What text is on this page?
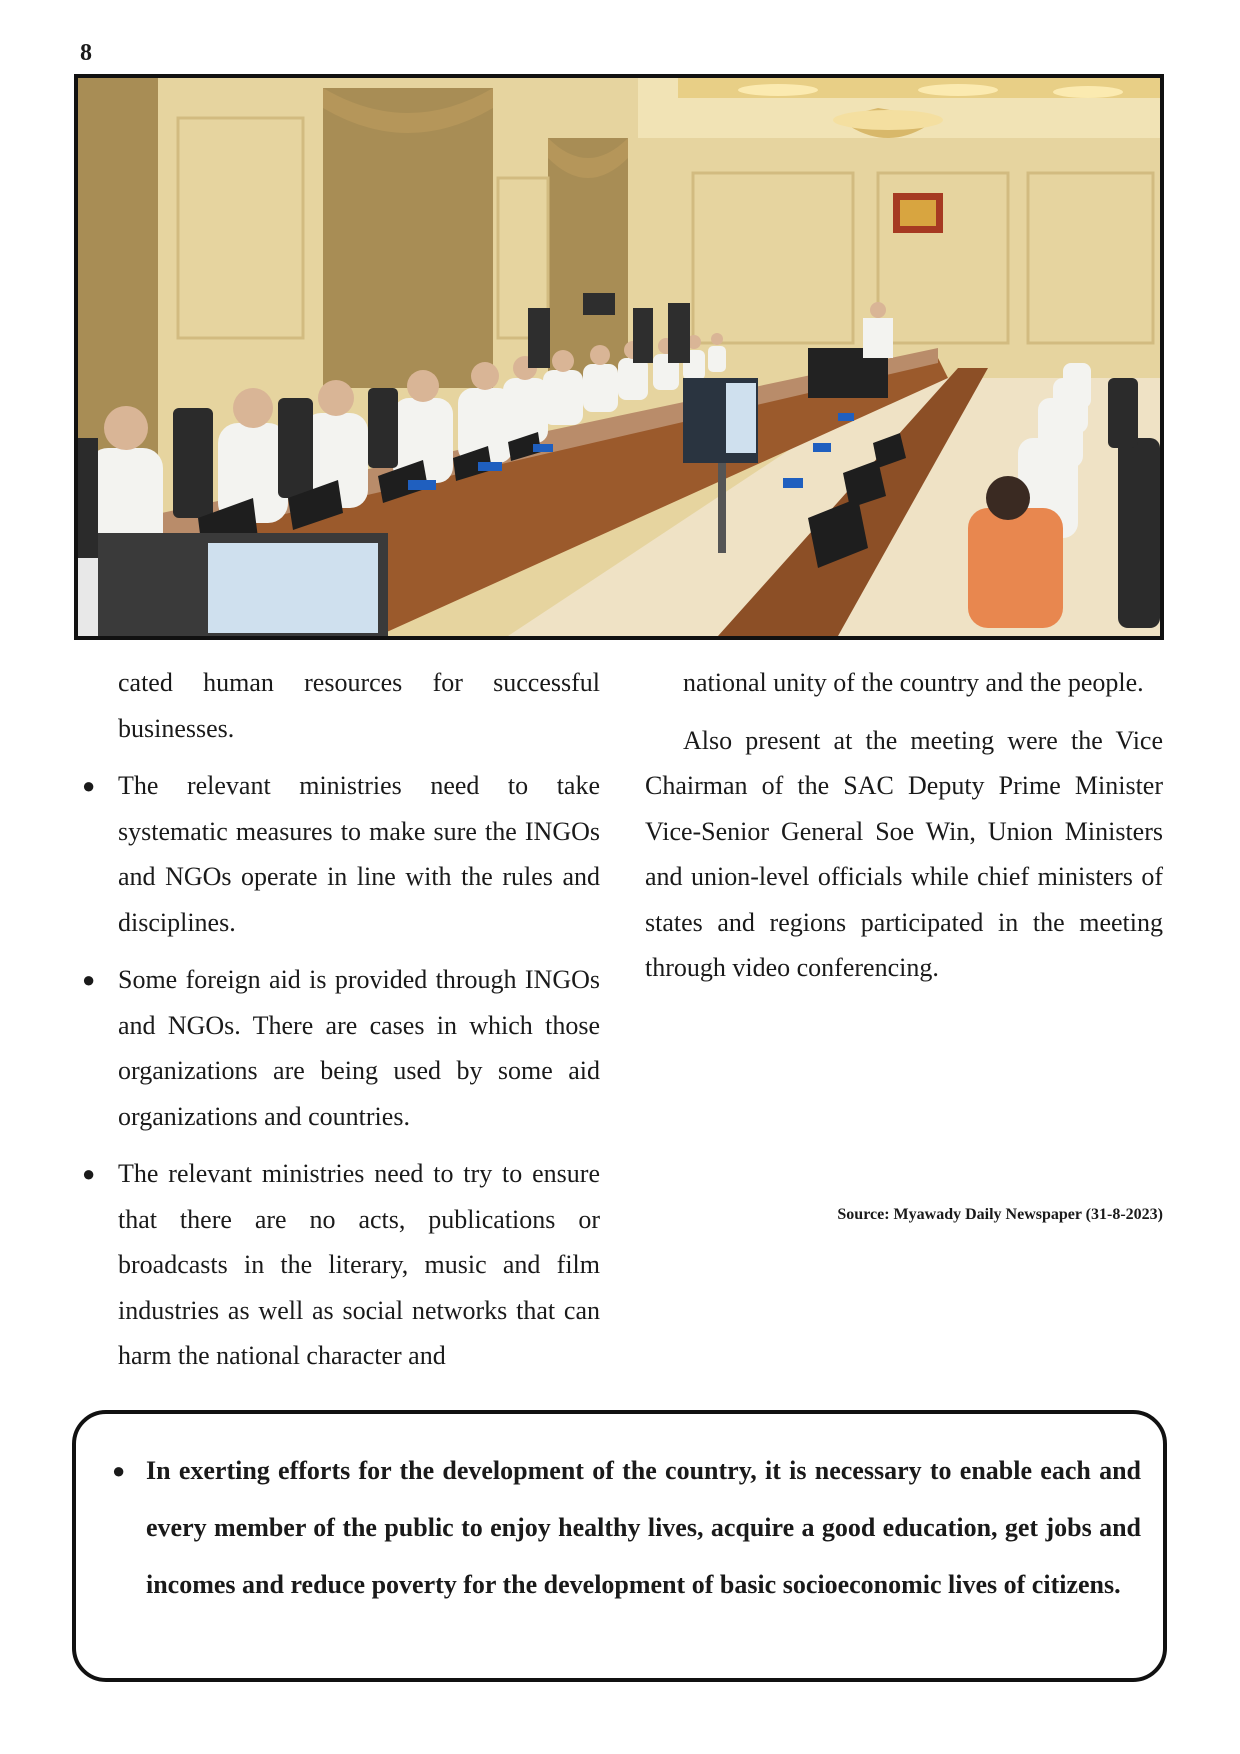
8

cated human resources for successful businesses.

● The relevant ministries need to take systematic measures to make sure the INGOs and NGOs operate in line with the rules and disciplines.
● Some foreign aid is provided through INGOs and NGOs. There are cases in which those organizations are being used by some aid organizations and countries.
● The relevant ministries need to try to ensure that there are no acts, publications or broadcasts in the literary, music and film industries as well as social networks that can harm the national character and

national unity of the country and the people.

Also present at the meeting were the Vice Chairman of the SAC Deputy Prime Minister Vice-Senior General Soe Win, Union Ministers and union-level officials while chief ministers of states and regions participated in the meeting through video conferencing.

Source: Myawady Daily Newspaper (31-8-2023)

● In exerting efforts for the development of the country, it is necessary to enable each and every member of the public to enjoy healthy lives, acquire a good education, get jobs and incomes and reduce poverty for the development of basic socioeconomic lives of citizens.
